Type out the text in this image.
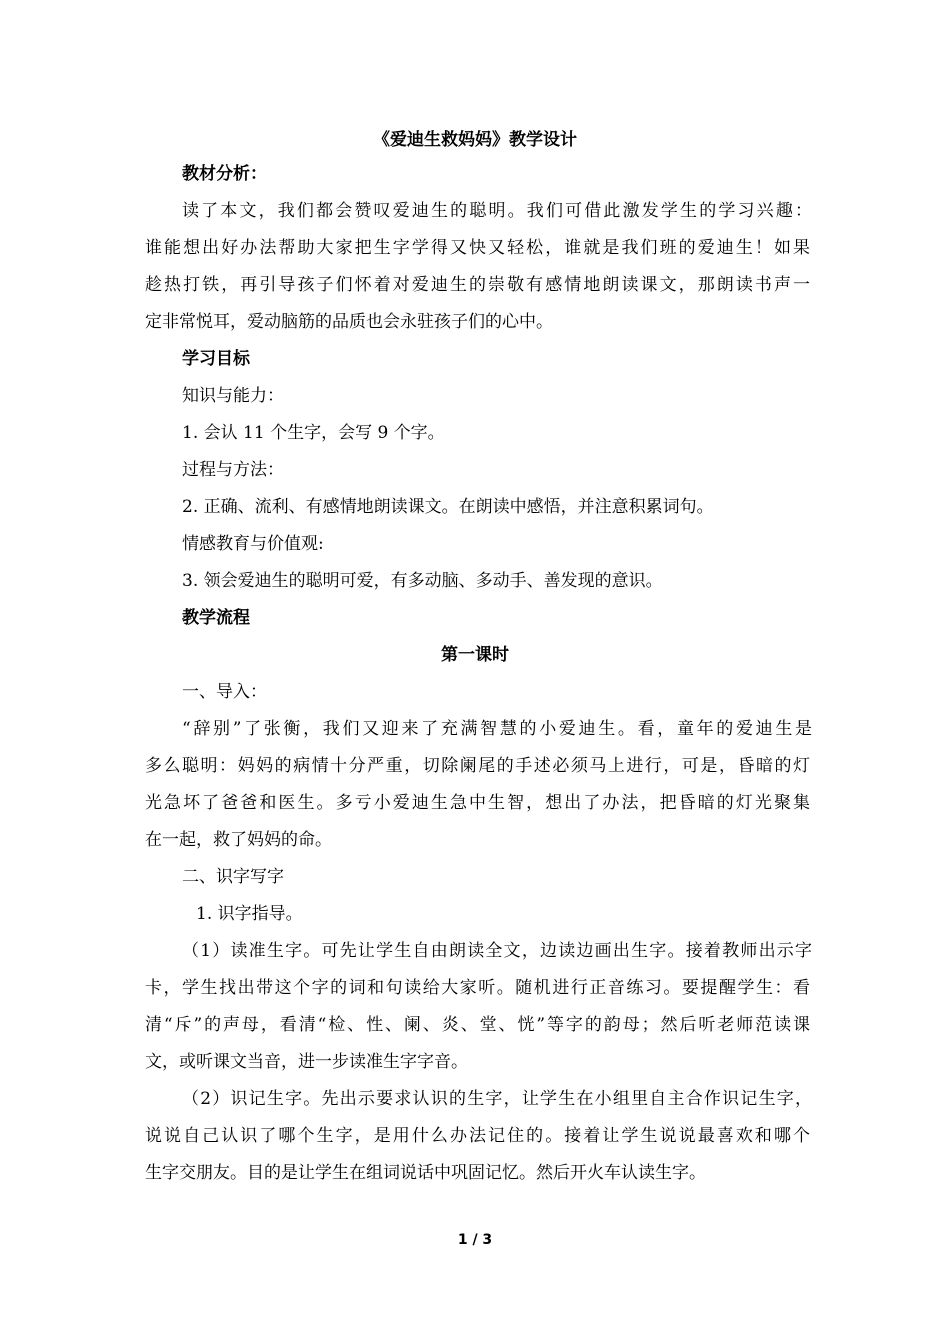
《爱迪生救妈妈》教学设计
教材分析：
读了本文，我们都会赞叹爱迪生的聪明。我们可借此激发学生的学习兴趣：
谁能想出好办法帮助大家把生字学得又快又轻松，谁就是我们班的爱迪生！如果
趁热打铁，再引导孩子们怀着对爱迪生的崇敬有感情地朗读课文，那朗读书声一
定非常悦耳，爱动脑筋的品质也会永驻孩子们的心中。
学习目标
知识与能力：
1. 会认 11 个生字，会写 9 个字。
过程与方法：
2. 正确、流利、有感情地朗读课文。在朗读中感悟，并注意积累词句。
情感教育与价值观:
3. 领会爱迪生的聪明可爱，有多动脑、多动手、善发现的意识。
教学流程
第一课时
一、导入：
“辞别”了张衡，我们又迎来了充满智慧的小爱迪生。看，童年的爱迪生是
多么聪明：妈妈的病情十分严重，切除阑尾的手述必须马上进行，可是，昏暗的灯
光急坏了爸爸和医生。多亏小爱迪生急中生智，想出了办法，把昏暗的灯光聚集
在一起，救了妈妈的命。
二、识字写字
1. 识字指导。
（1）读准生字。可先让学生自由朗读全文，边读边画出生字。接着教师出示字
卡，学生找出带这个字的词和句读给大家听。随机进行正音练习。要提醒学生：看
清“斥”的声母，看清“检、性、阑、炎、堂、恍”等字的韵母；然后听老师范读课
文，或听课文当音，进一步读准生字字音。
（2）识记生字。先出示要求认识的生字，让学生在小组里自主合作识记生字，
说说自己认识了哪个生字，是用什么办法记住的。接着让学生说说最喜欢和哪个
生字交朋友。目的是让学生在组词说话中巩固记忆。然后开火车认读生字。
1 / 3
